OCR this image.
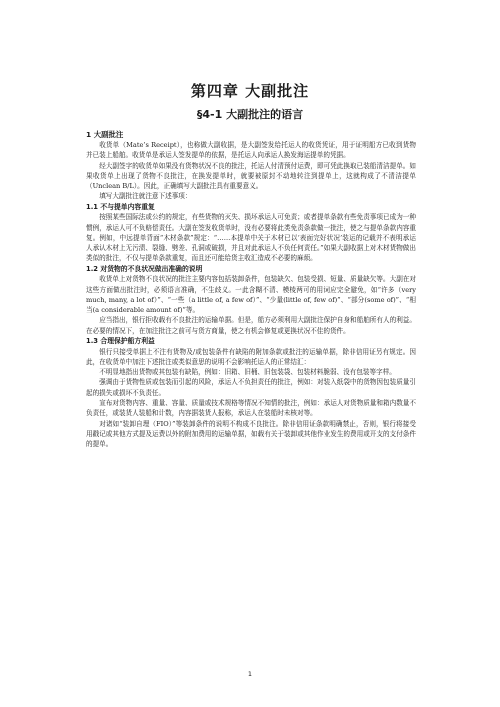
第四章 大副批注
§4-1 大副批注的语言
1 大副批注

收货单（Mate’s Receipt），也称做大副收据，是大副签发给托运人的收货凭证，用于证明船方已收到货物并已装上船舶。收货单是承运人签发提单的依据，是托运人向承运人换发海运提单的凭据。

经大副签字的收货单如果没有货物状况不良的批注，托运人付清预付运费，即可凭此换取已装船清洁提单。如果收货单上出现了货物不良批注，在换发提单时，就要被原封不动地转注到提单上，这就构成了不清洁提单（Unclean B/L）。因此，正确填写大副批注具有重要意义。

填写大副批注就注意下述事项：

1.1 不与提单内容重复

按照某些国际法或公约的规定，有些货物的灭失、损坏承运人可免责；或者提单条款有些免责事项已成为一种惯例，承运人可不负赔偿责任。大副在签发收货单时，没有必要将此类免责条款做一批注，使之与提单条款内容重复。例如，中远提单背面“木材条款”规定：“……本提单中关于木材已以‘表面完好状况’装运的记载并不表明承运人承认木材上无污渍、裂缝、劈差、孔洞或破损，并且对此承运人不负任何责任。”如果大副收据上对木材货物做出类似的批注，不仅与提单条款重复，而且还可能给货主收汇造成不必要的麻烦。

1.2 对货物的不良状况做出准确的说明

收货单上对货物不良状况的批注主要内容包括装卸条件，包装缺欠、包装受损、短量、质量缺欠等。大副在对这些方面做出批注时，必须语言准确，不生歧义。一此含糊不清、模棱两可的用词应完全避免，如“许多（very much, many, a lot of）”、“一些（a little of, a few of）”、“少量(little of, few of)”、“部分(some of)”、“相当(a considerable amount of)”等。

应当指出，银行拒收载有不良批注的运输单据。但是，船方必须利用大副批注保护自身和船舶所有人的利益。在必要的情况下，在加注批注之前可与货方商量，使之有机会修复或更换状况不佳的货件。

1.3 合理保护船方利益

银行只接受单据上不注有货物及/或包装条件有缺陷的附加条款或批注的运输单据，除非信用证另有规定。因此，在收货单中加注下述批注或类似意思的说明不会影响托运人的正常结汇：

不明显地指出货物或其包装有缺陷，例如：旧箱、旧桶、旧包装袋、包装材料脆弱、没有包装等字样。

强调由于货物性质或包装而引起的风险，承运人不负担责任的批注，例如：对装入纸袋中的货物因包装质量引起的损失或损坏不负责任。

宣布对货物内容、重量、容量、质量或技术规格等情况不知情的批注，例如：承运人对货物质量和箱内数量不负责任，或装货人装船和计数，内容据装货人报称，承运人在装船时未核对等。

对诸如“装卸自理（FIO）”等装卸条件的说明不构成不良批注。除非信用证条款明确禁止，否则，银行将接受用戳记或其他方式提及运费以外的附加费用的运输单据，如载有关于装卸或其他作业发生的费用或开支的支付条件的提单。

1
